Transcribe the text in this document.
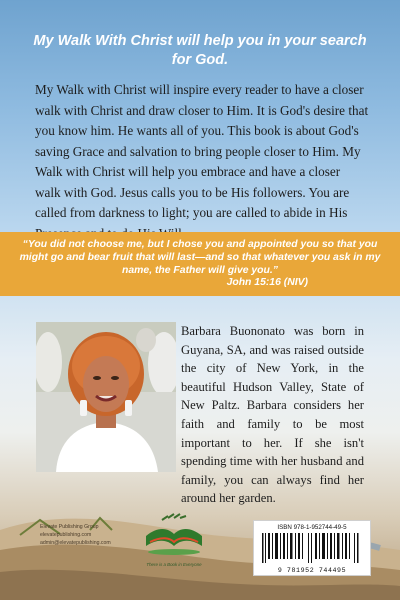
My Walk With Christ will help you in your search for God.
My Walk with Christ will inspire every reader to have a closer walk with Christ and draw closer to Him. It is God's desire that you know him. He wants all of you. This book is about God's saving Grace and salvation to bring people closer to Him. My Walk with Christ will help you embrace and have a closer walk with God. Jesus calls you to be His followers. You are called from darkness to light; you are called to abide in His
“You did not choose me, but I chose you and appointed you so that you might go and bear fruit that will last—and so that whatever you ask in my name, the Father will give you.”
John 15:16 (NIV)
Barbara Buononato was born in Guyana, SA, and was raised outside the city of New York, in the beautiful Hudson Valley, State of New Paltz. Barbara considers her faith and family to be most important to her. If she isn't spending time with her husband and family, you can always find her around her garden.
Elevate Publishing Group
elevatepublishing.com
admin@elevatepublishing.com
There is a Book in Everyone
ISBN 978-1-952744-49-5
9 781952 744495
